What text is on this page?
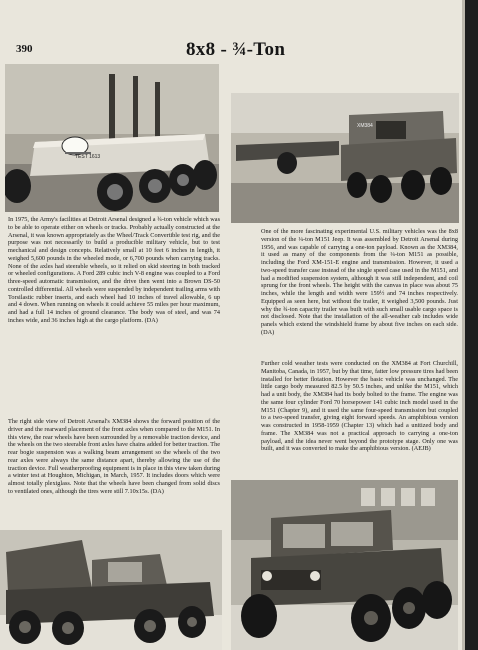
390	8x8 - ¾-Ton
TEST 1613
XM384
In 1975, the Army's facilities at Detroit Arsenal designed a ¾-ton vehicle which was to be able to operate either on wheels or tracks. Probably actually constructed at the Arsenal, it was known appropriately as the Wheel/Track Convertible test rig, and the purpose was not necessarily to build a producible military vehicle, but to test mechanical and design concepts. Relatively small at 10 feet 6 inches in length, it weighed 5,600 pounds in the wheeled mode, or 6,700 pounds when carrying tracks. None of the axles had steerable wheels, so it relied on skid steering in both tracked or wheeled configurations. A Ford 289 cubic inch V-8 engine was coupled to a Ford three-speed automatic transmission, and the drive then went into a Brown DS-50 controlled differential. All wheels were suspended by independent trailing arms with Torsilastic rubber inserts, and each wheel had 10 inches of travel allowable, 6 up and 4 down. When running on wheels it could achieve 55 miles per hour maximum, and had a full 14 inches of ground clearance. The body was of steel, and was 74 inches wide, and 36 inches high at the cargo platform. (DA)
One of the more fascinating experimental U.S. military vehicles was the 8x8 version of the ¼-ton M151 Jeep. It was assembled by Detroit Arsenal during 1956, and was capable of carrying a one-ton payload. Known as the XM384, it used as many of the components from the ¼-ton M151 as possible, including the Ford XM-151-E engine and transmission. However, it used a two-speed transfer case instead of the single speed case used in the M151, and had a modified suspension system, although it was still independent, and coil sprung for the front wheels. The height with the canvas in place was about 75 inches, while the length and width were 159½ and 74 inches respectively. Equipped as seen here, but without the trailer, it weighed 3,500 pounds. Just why the ¾-ton capacity trailer was built with such small usable cargo space is not disclosed. Note that the installation of the all-weather cab includes wide panels which extend the windshield frame by about five inches on each side. (DA)
The right side view of Detroit Arsenal's XM384 shows the forward position of the driver and the rearward placement of the front axles when compared to the M151. In this view, the rear wheels have been surrounded by a removable traction device, and the wheels on the two steerable front axles have chains added for better traction. The rear bogie suspension was a walking beam arrangement so the wheels of the two rear axles were always the same distance apart, thereby allowing the use of the traction device. Full weatherproofing equipment is in place in this view taken during a winter test at Houghton, Michigan, in March, 1957. It includes doors which were almost totally plexiglass. Note that the wheels have been changed from solid discs to ventilated ones, although the tires were still 7.10x15s. (DA)
Further cold weather tests were conducted on the XM384 at Fort Churchill, Manitoba, Canada, in 1957, but by that time, fatter low pressure tires had been installed for better flotation. However the basic vehicle was unchanged. The little cargo body measured 82.5 by 50.5 inches, and unlike the M151, which had a unit body, the XM384 had its body bolted to the frame. The engine was the same four cylinder Ford 70 horsepower 141 cubic inch model used in the M151 (Chapter 9), and it used the same four-speed transmission but coupled to a two-speed transfer, giving eight forward speeds. An amphibious version was constructed in 1958-1959 (Chapter 13) which had a unitized body and frame. The XM384 was not a practical approach to carrying a one-ton payload, and the idea never went beyond the prototype stage. Only one was built, and it was converted to make the amphibious version. (AEJB)
